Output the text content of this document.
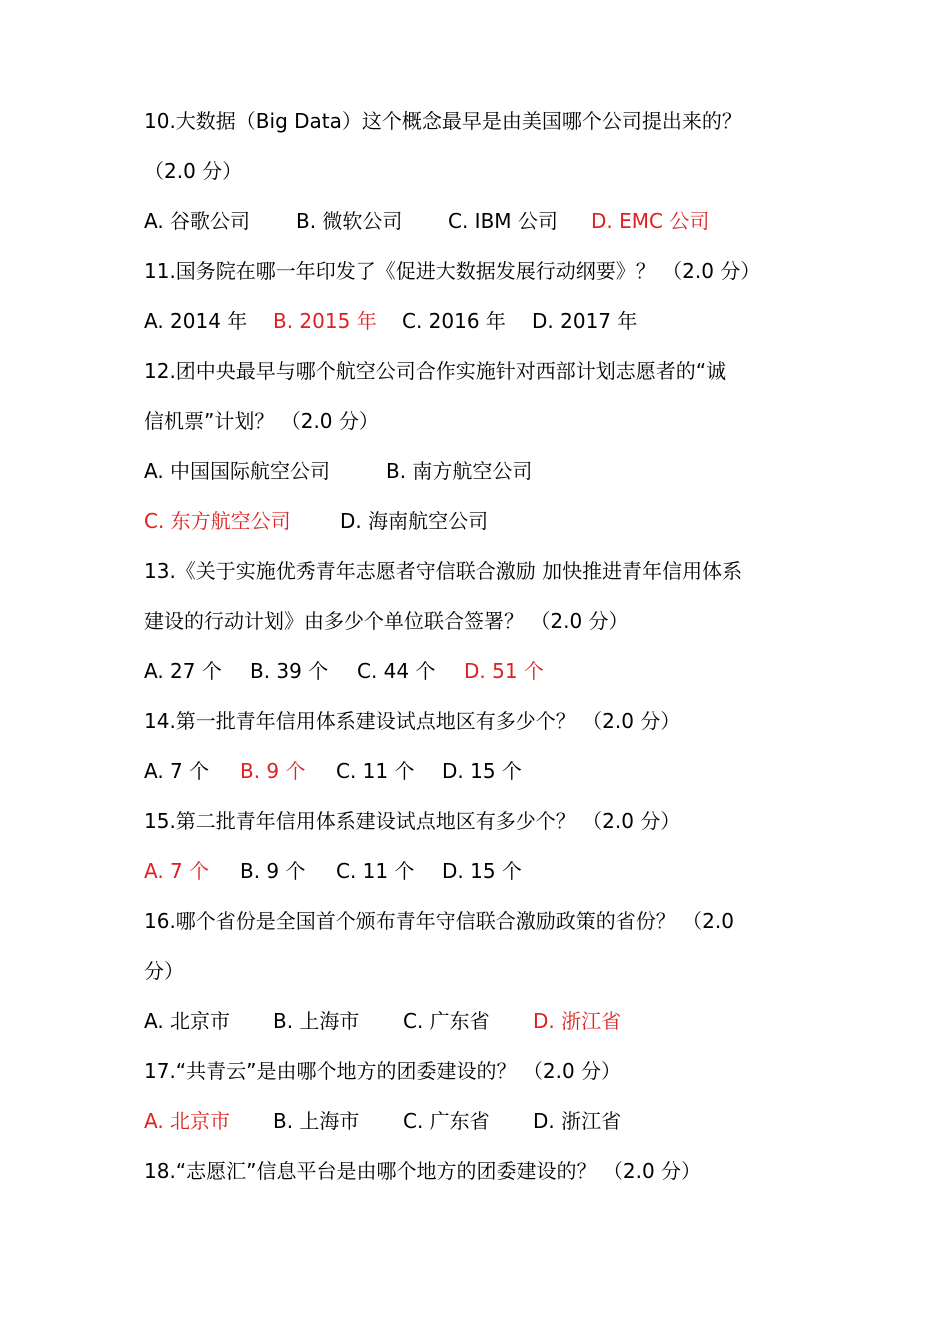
10.大数据（Big Data）这个概念最早是由美国哪个公司提出来的？
（2.0 分）
A. 谷歌公司 B. 微软公司 C. IBM 公司 D. EMC 公司
11.国务院在哪一年印发了《促进大数据发展行动纲要》？ （2.0 分）
A. 2014 年 B. 2015 年 C. 2016 年 D. 2017 年
12.团中央最早与哪个航空公司合作实施针对西部计划志愿者的“诚
信机票”计划？ （2.0 分）
A. 中国国际航空公司	B. 南方航空公司
C. 东方航空公司 D. 海南航空公司
13.《关于实施优秀青年志愿者守信联合激励 加快推进青年信用体系
建设的行动计划》由多少个单位联合签署？ （2.0 分）
A. 27 个 B. 39 个 C. 44 个 D. 51 个
14.第一批青年信用体系建设试点地区有多少个？ （2.0 分）
A. 7 个 B. 9 个 C. 11 个 D. 15 个
15.第二批青年信用体系建设试点地区有多少个？ （2.0 分）
A. 7 个 B. 9 个 C. 11 个 D. 15 个
16.哪个省份是全国首个颁布青年守信联合激励政策的省份？ （2.0
分）
A. 北京市 B. 上海市 C. 广东省 D. 浙江省
17.“共青云”是由哪个地方的团委建设的？ （2.0 分）
A. 北京市 B. 上海市 C. 广东省 D. 浙江省
18.“志愿汇”信息平台是由哪个地方的团委建设的？ （2.0 分）
